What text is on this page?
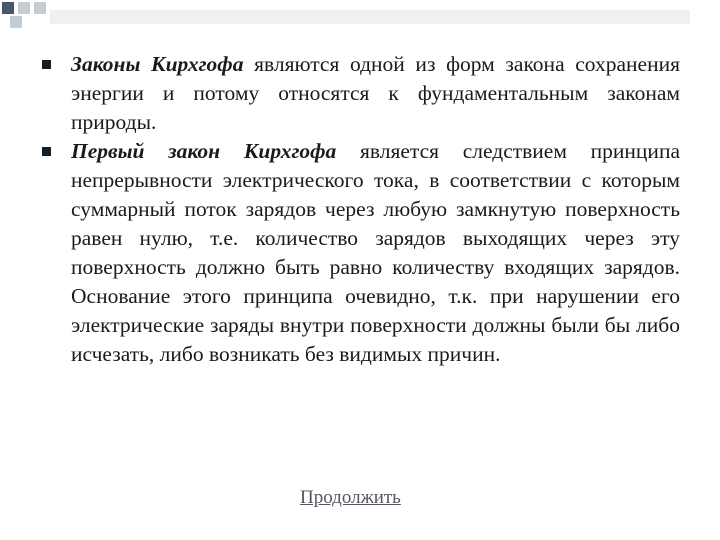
Законы Кирхгофа являются одной из форм закона сохранения энергии и потому относятся к фундаментальным законам природы.
Первый закон Кирхгофа является следствием принципа непрерывности электрического тока, в соответствии с которым суммарный поток зарядов через любую замкнутую поверхность равен нулю, т.е. количество зарядов выходящих через эту поверхность должно быть равно количеству входящих зарядов. Основание этого принципа очевидно, т.к. при нарушении его электрические заряды внутри поверхности должны были бы либо исчезать, либо возникать без видимых причин.
Продолжить
